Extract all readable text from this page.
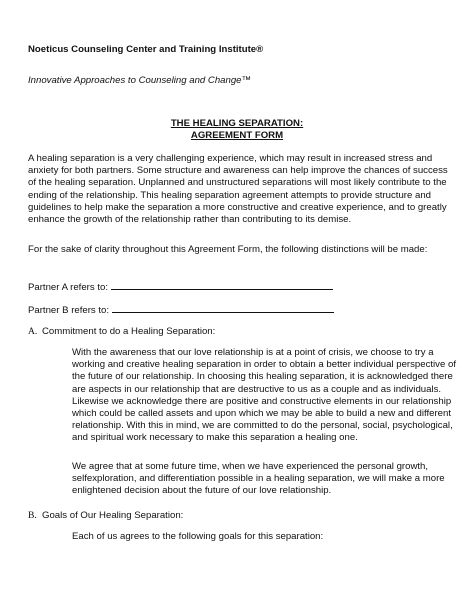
Noeticus Counseling Center and Training Institute®
Innovative Approaches to Counseling and Change™
THE HEALING SEPARATION:
AGREEMENT FORM
A healing separation is a very challenging experience, which may result in increased stress and anxiety for both partners. Some structure and awareness can help improve the chances of success of the healing separation. Unplanned and unstructured separations will most likely contribute to the ending of the relationship. This healing separation agreement attempts to provide structure and guidelines to help make the separation a more constructive and creative experience, and to greatly enhance the growth of the relationship rather than contributing to its demise.
For the sake of clarity throughout this Agreement Form, the following distinctions will be made:
Partner A refers to:
Partner B refers to:
A. Commitment to do a Healing Separation:
With the awareness that our love relationship is at a point of crisis, we choose to try a working and creative healing separation in order to obtain a better individual perspective of the future of our relationship. In choosing this healing separation, it is acknowledged there are aspects in our relationship that are destructive to us as a couple and as individuals. Likewise we acknowledge there are positive and constructive elements in our relationship which could be called assets and upon which we may be able to build a new and different relationship. With this in mind, we are committed to do the personal, social, psychological, and spiritual work necessary to make this separation a healing one.
We agree that at some future time, when we have experienced the personal growth, selfexploration, and differentiation possible in a healing separation, we will make a more enlightened decision about the future of our love relationship.
B. Goals of Our Healing Separation:
Each of us agrees to the following goals for this separation:
